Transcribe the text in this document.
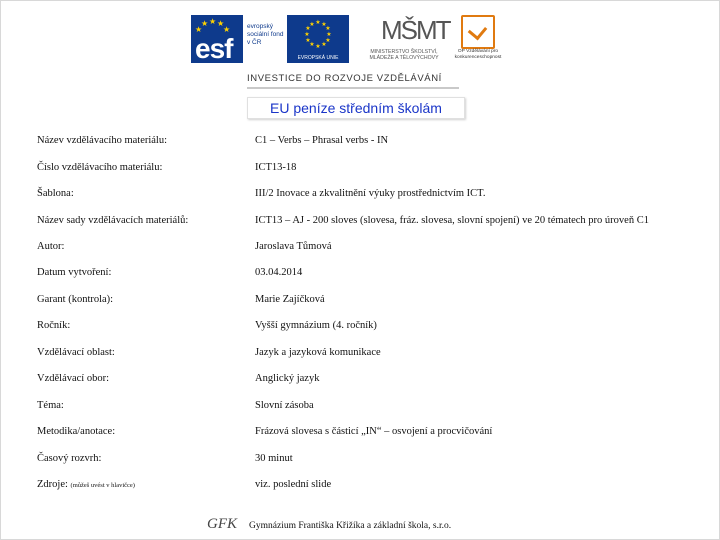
★ ★
★
★
★
esf
evropský sociální fond v ČR
★ ★
★
★
★
★
★
★
★
★
★
★
EVROPSKÁ UNIE
MŠMT
MINISTERSTVO ŠKOLSTVÍ, MLÁDEŽE A TĚLOVÝCHOVY
OP Vzdělávání pro konkurenceschopnost
INVESTICE DO ROZVOJE VZDĚLÁVÁNÍ
EU peníze středním školám
Název vzdělávacího materiálu:	C1 – Verbs – Phrasal verbs - IN
Číslo vzdělávacího materiálu:	ICT13-18
Šablona:	III/2 Inovace a zkvalitnění výuky prostřednictvím ICT.
Název sady vzdělávacích materiálů:	ICT13 – AJ - 200 sloves (slovesa, fráz. slovesa, slovní spojení) ve 20 tématech pro úroveň C1
Autor:	Jaroslava Tůmová
Datum vytvoření:	03.04.2014
Garant (kontrola):	Marie Zajíčková
Ročník:	Vyšší gymnázium (4. ročník)
Vzdělávací oblast:	Jazyk a jazyková komunikace
Vzdělávací obor:	Anglický jazyk
Téma:	Slovní zásoba
Metodika/anotace:	Frázová slovesa s částicí „IN“ – osvojení a procvičování
Časový rozvrh:	30 minut
Zdroje: (můžeš uvést v hlavičce)	viz. poslední slide
GFK Gymnázium Františka Křižíka a základní škola, s.r.o.
